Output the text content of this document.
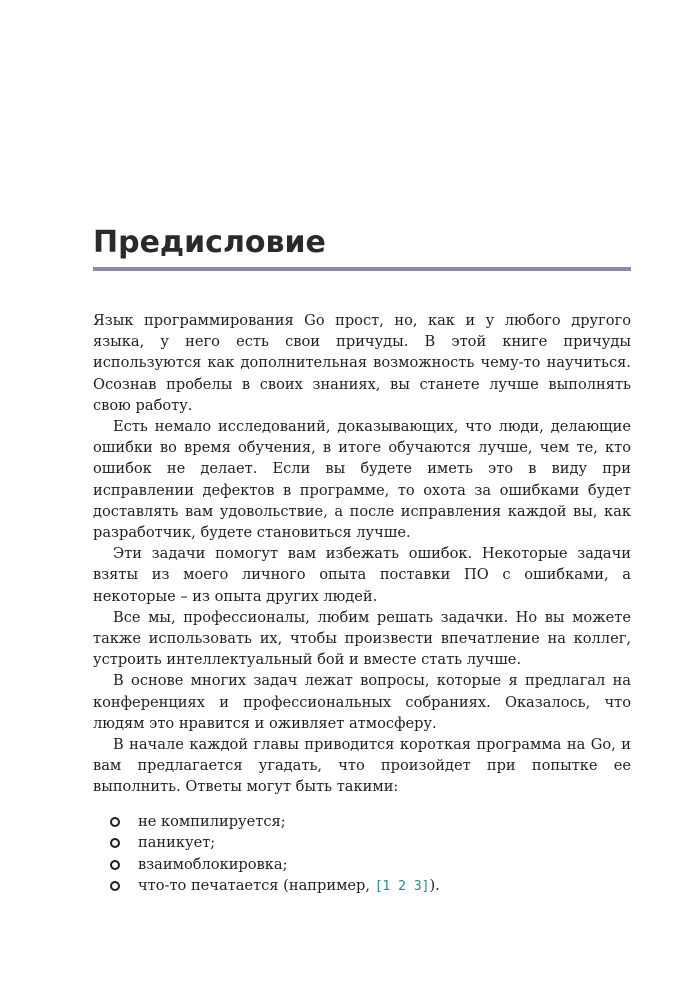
Предисловие

Язык программирования Go прост, но, как и у любого другого языка, у него есть свои причуды. В этой книге причуды используются как дополнительная возможность чему-то научиться. Осознав пробелы в своих знаниях, вы станете лучше выполнять свою работу.

Есть немало исследований, доказывающих, что люди, делающие ошибки во время обучения, в итоге обучаются лучше, чем те, кто ошибок не делает. Если вы будете иметь это в виду при исправлении дефектов в программе, то охота за ошибками будет доставлять вам удовольствие, а после исправления каждой вы, как разработчик, будете становиться лучше.

Эти задачи помогут вам избежать ошибок. Некоторые задачи взяты из моего личного опыта поставки ПО с ошибками, а некоторые – из опыта других людей.

Все мы, профессионалы, любим решать задачки. Но вы можете также использовать их, чтобы произвести впечатление на коллег, устроить интеллектуальный бой и вместе стать лучше.

В основе многих задач лежат вопросы, которые я предлагал на конференциях и профессиональных собраниях. Оказалось, что людям это нравится и оживляет атмосферу.

В начале каждой главы приводится короткая программа на Go, и вам предлагается угадать, что произойдет при попытке ее выполнить. Ответы могут быть такими:

не компилируется;
паникует;
взаимоблокировка;
что-то печатается (например, [1 2 3]).
